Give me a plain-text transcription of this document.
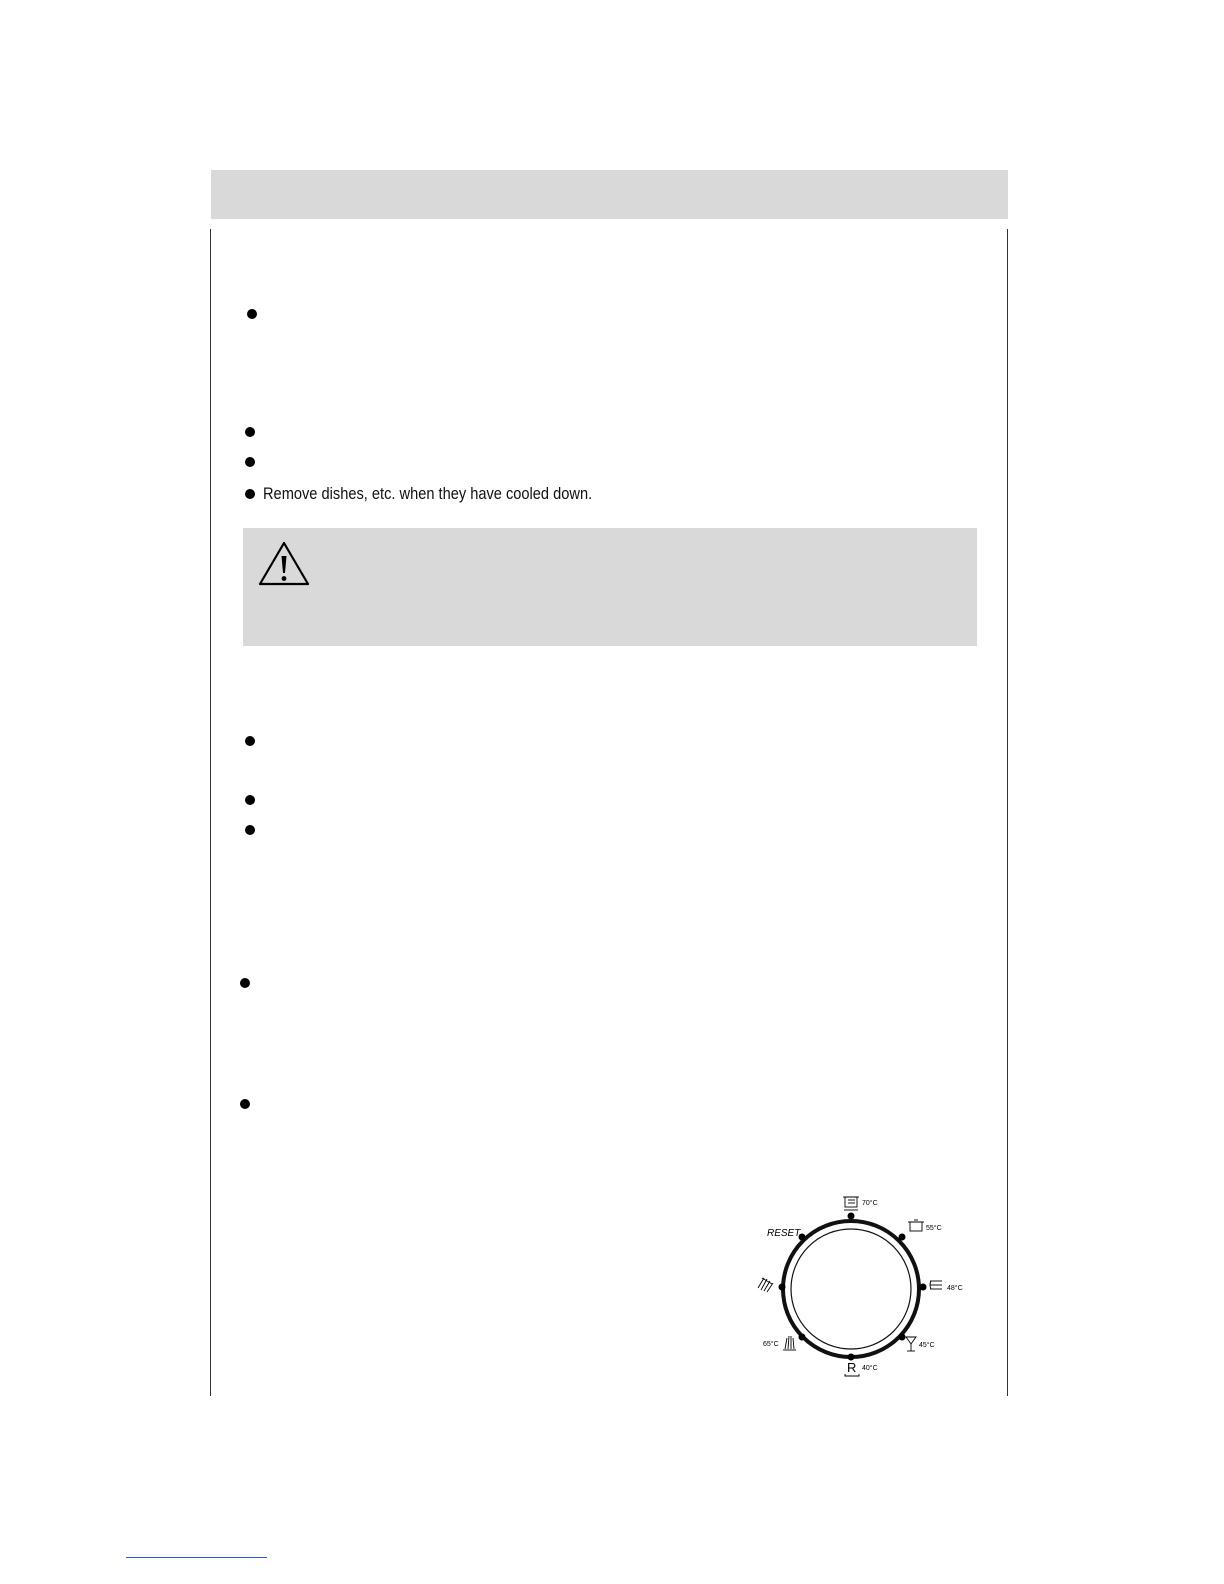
Remove dishes, etc. when they have cooled down.
70°C
55°C
48°C
45°C
R 40°C
65°C
RESET
